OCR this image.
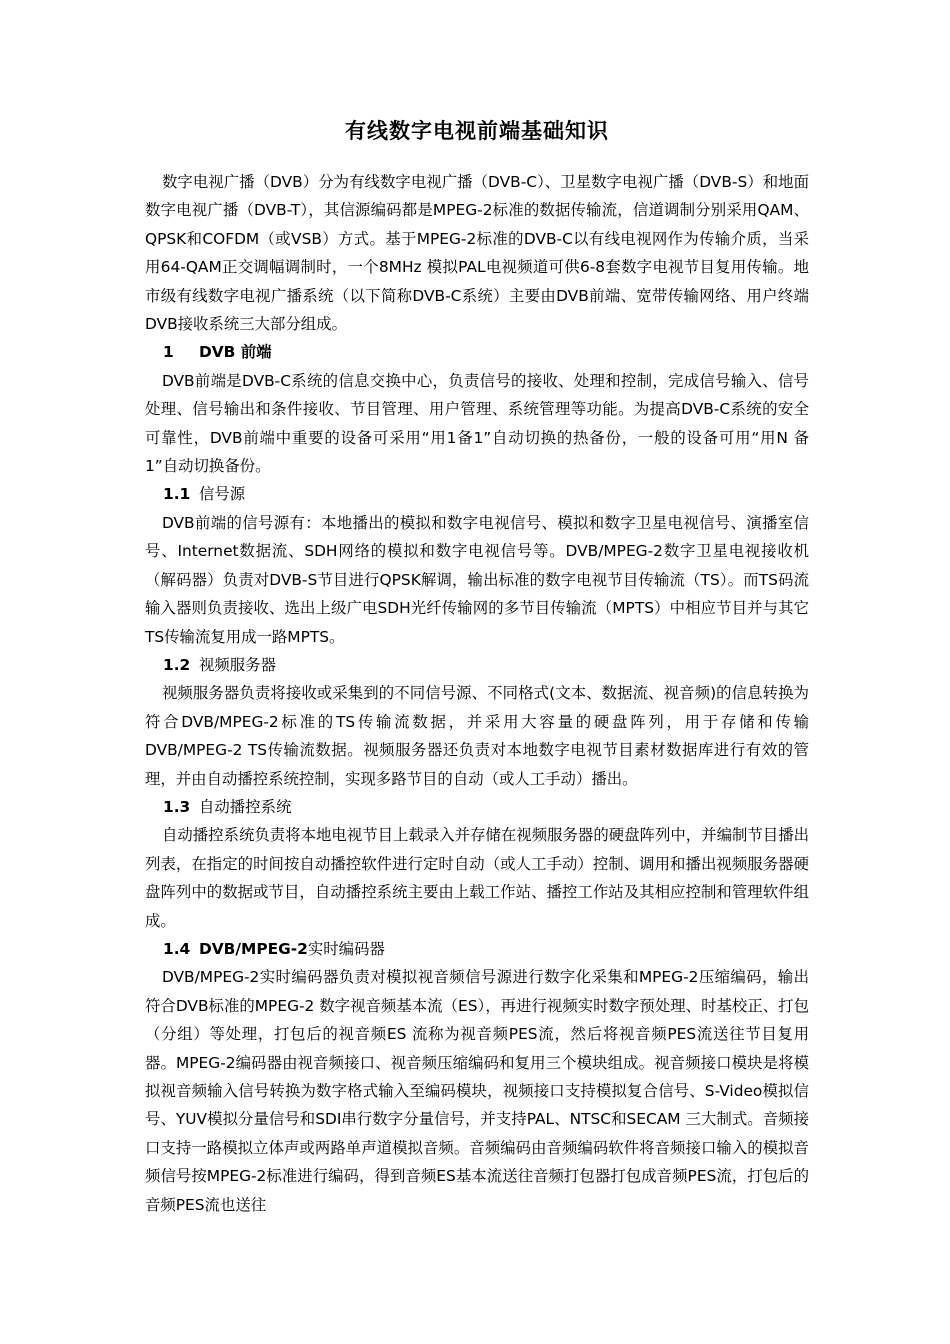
有线数字电视前端基础知识

数字电视广播（DVB）分为有线数字电视广播（DVB-C）、卫星数字电视广播（DVB-S）和地面数字电视广播（DVB-T），其信源编码都是MPEG-2标准的数据传输流，信道调制分别采用QAM、QPSK和COFDM（或VSB）方式。基于MPEG-2标准的DVB-C以有线电视网作为传输介质，当采用64-QAM正交调幅调制时，一个8MHz 模拟PAL电视频道可供6-8套数字电视节目复用传输。地市级有线数字电视广播系统（以下简称DVB-C系统）主要由DVB前端、宽带传输网络、用户终端DVB接收系统三大部分组成。

1 DVB 前端

DVB前端是DVB-C系统的信息交换中心，负责信号的接收、处理和控制，完成信号输入、信号处理、信号输出和条件接收、节目管理、用户管理、系统管理等功能。为提高DVB-C系统的安全可靠性，DVB前端中重要的设备可采用“用1备1”自动切换的热备份，一般的设备可用“用N 备1”自动切换备份。

1.1 信号源

DVB前端的信号源有：本地播出的模拟和数字电视信号、模拟和数字卫星电视信号、演播室信号、Internet数据流、SDH网络的模拟和数字电视信号等。DVB/MPEG-2数字卫星电视接收机（解码器）负责对DVB-S节目进行QPSK解调，输出标准的数字电视节目传输流（TS）。而TS码流输入器则负责接收、选出上级广电SDH光纤传输网的多节目传输流（MPTS）中相应节目并与其它TS传输流复用成一路MPTS。

1.2 视频服务器

视频服务器负责将接收或采集到的不同信号源、不同格式(文本、数据流、视音频)的信息转换为符合DVB/MPEG-2标准的TS传输流数据，并采用大容量的硬盘阵列，用于存储和传输DVB/MPEG-2 TS传输流数据。视频服务器还负责对本地数字电视节目素材数据库进行有效的管理，并由自动播控系统控制，实现多路节目的自动（或人工手动）播出。

1.3 自动播控系统

自动播控系统负责将本地电视节目上载录入并存储在视频服务器的硬盘阵列中，并编制节目播出列表，在指定的时间按自动播控软件进行定时自动（或人工手动）控制、调用和播出视频服务器硬盘阵列中的数据或节目，自动播控系统主要由上载工作站、播控工作站及其相应控制和管理软件组成。

1.4 DVB/MPEG-2实时编码器

DVB/MPEG-2实时编码器负责对模拟视音频信号源进行数字化采集和MPEG-2压缩编码，输出符合DVB标准的MPEG-2 数字视音频基本流（ES），再进行视频实时数字预处理、时基校正、打包（分组）等处理，打包后的视音频ES 流称为视音频PES流，然后将视音频PES流送往节目复用器。MPEG-2编码器由视音频接口、视音频压缩编码和复用三个模块组成。视音频接口模块是将模拟视音频输入信号转换为数字格式输入至编码模块，视频接口支持模拟复合信号、S-Video模拟信号、YUV模拟分量信号和SDI串行数字分量信号，并支持PAL、NTSC和SECAM 三大制式。音频接口支持一路模拟立体声或两路单声道模拟音频。音频编码由音频编码软件将音频接口输入的模拟音频信号按MPEG-2标准进行编码，得到音频ES基本流送往音频打包器打包成音频PES流，打包后的音频PES流也送往
